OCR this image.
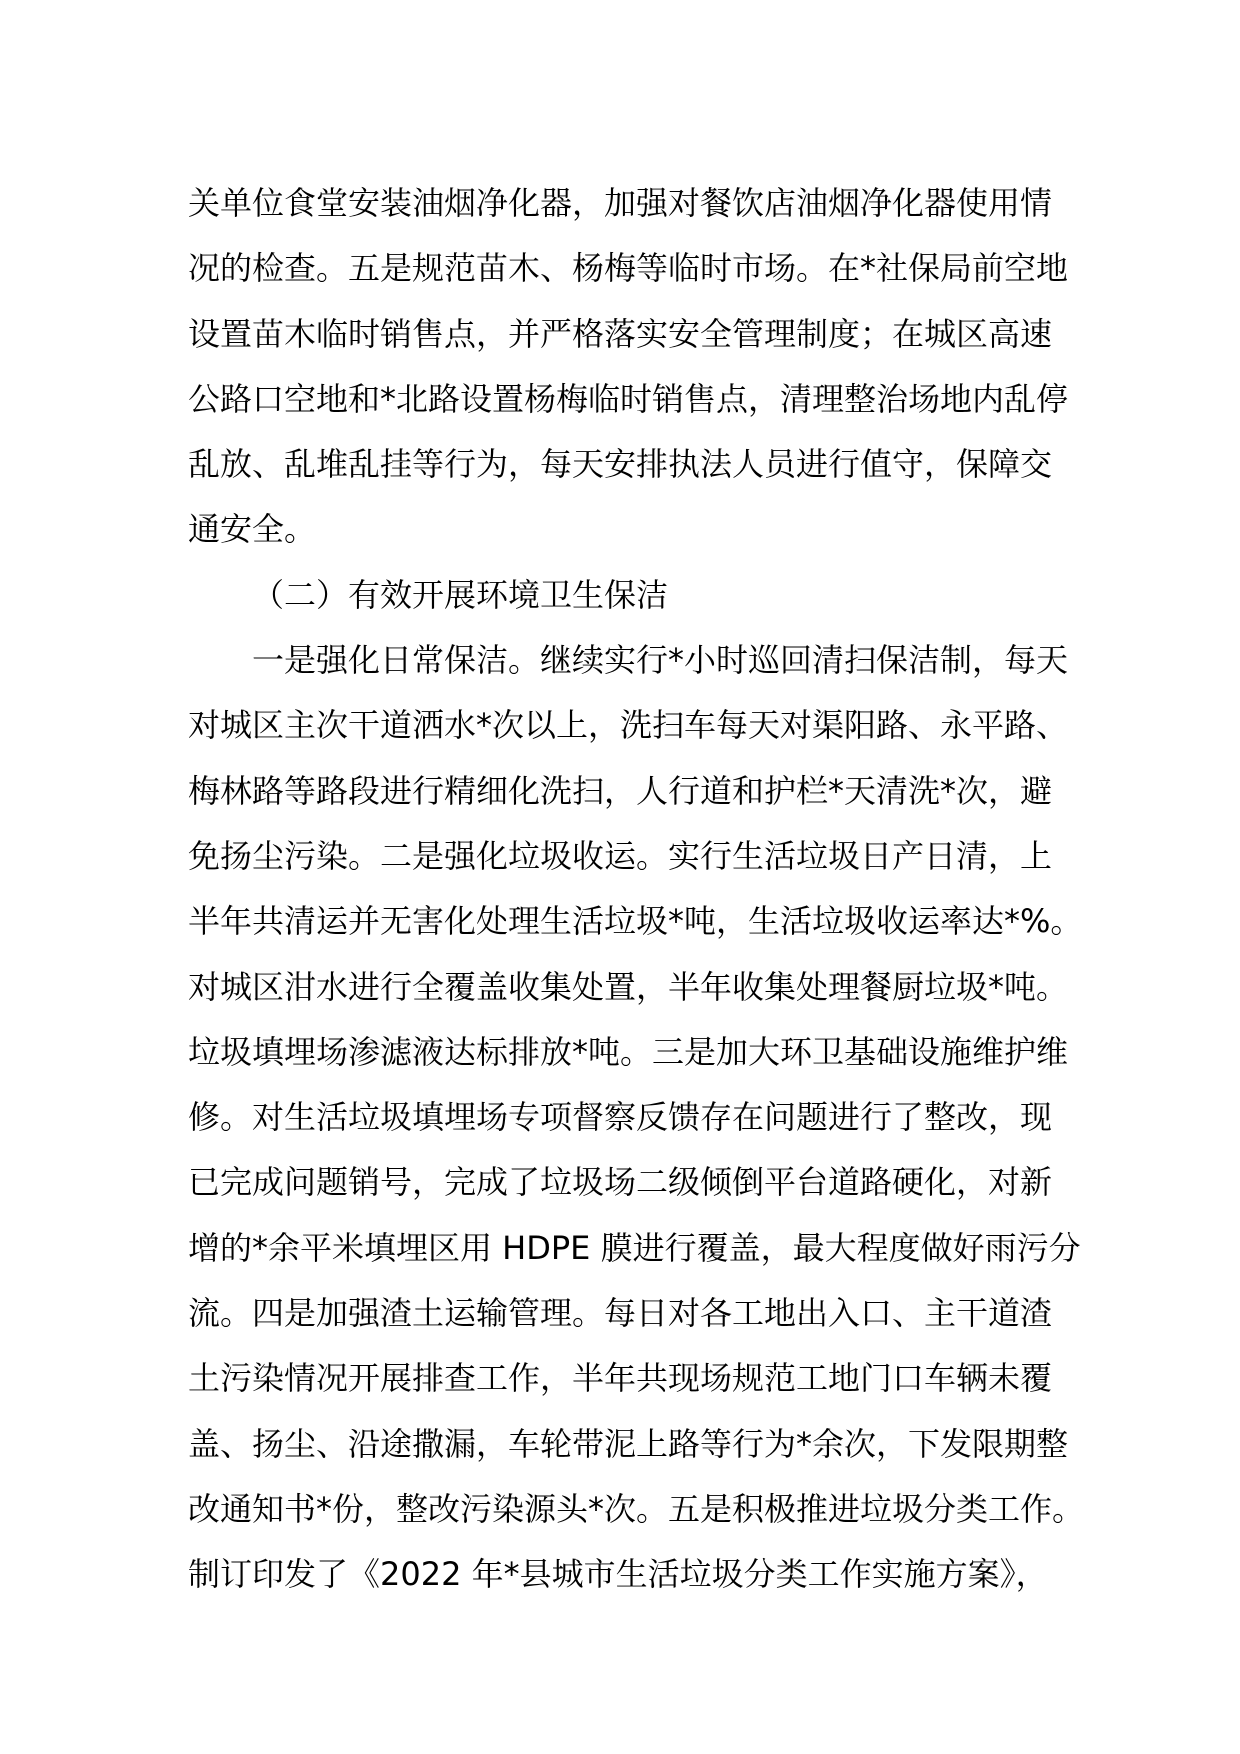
关单位食堂安装油烟净化器，加强对餐饮店油烟净化器使用情
况的检查。五是规范苗木、杨梅等临时市场。在*社保局前空地
设置苗木临时销售点，并严格落实安全管理制度；在城区高速
公路口空地和*北路设置杨梅临时销售点，清理整治场地内乱停
乱放、乱堆乱挂等行为，每天安排执法人员进行值守，保障交
通安全。
（二）有效开展环境卫生保洁
一是强化日常保洁。继续实行*小时巡回清扫保洁制，每天
对城区主次干道洒水*次以上，洗扫车每天对渠阳路、永平路、
梅林路等路段进行精细化洗扫，人行道和护栏*天清洗*次，避
免扬尘污染。二是强化垃圾收运。实行生活垃圾日产日清，上
半年共清运并无害化处理生活垃圾*吨，生活垃圾收运率达*%。
对城区泔水进行全覆盖收集处置，半年收集处理餐厨垃圾*吨。
垃圾填埋场渗滤液达标排放*吨。三是加大环卫基础设施维护维
修。对生活垃圾填埋场专项督察反馈存在问题进行了整改，现
已完成问题销号，完成了垃圾场二级倾倒平台道路硬化，对新
增的*余平米填埋区用 HDPE 膜进行覆盖，最大程度做好雨污分
流。四是加强渣土运输管理。每日对各工地出入口、主干道渣
土污染情况开展排查工作，半年共现场规范工地门口车辆未覆
盖、扬尘、沿途撒漏，车轮带泥上路等行为*余次，下发限期整
改通知书*份，整改污染源头*次。五是积极推进垃圾分类工作。
制订印发了《2022 年*县城市生活垃圾分类工作实施方案》，
